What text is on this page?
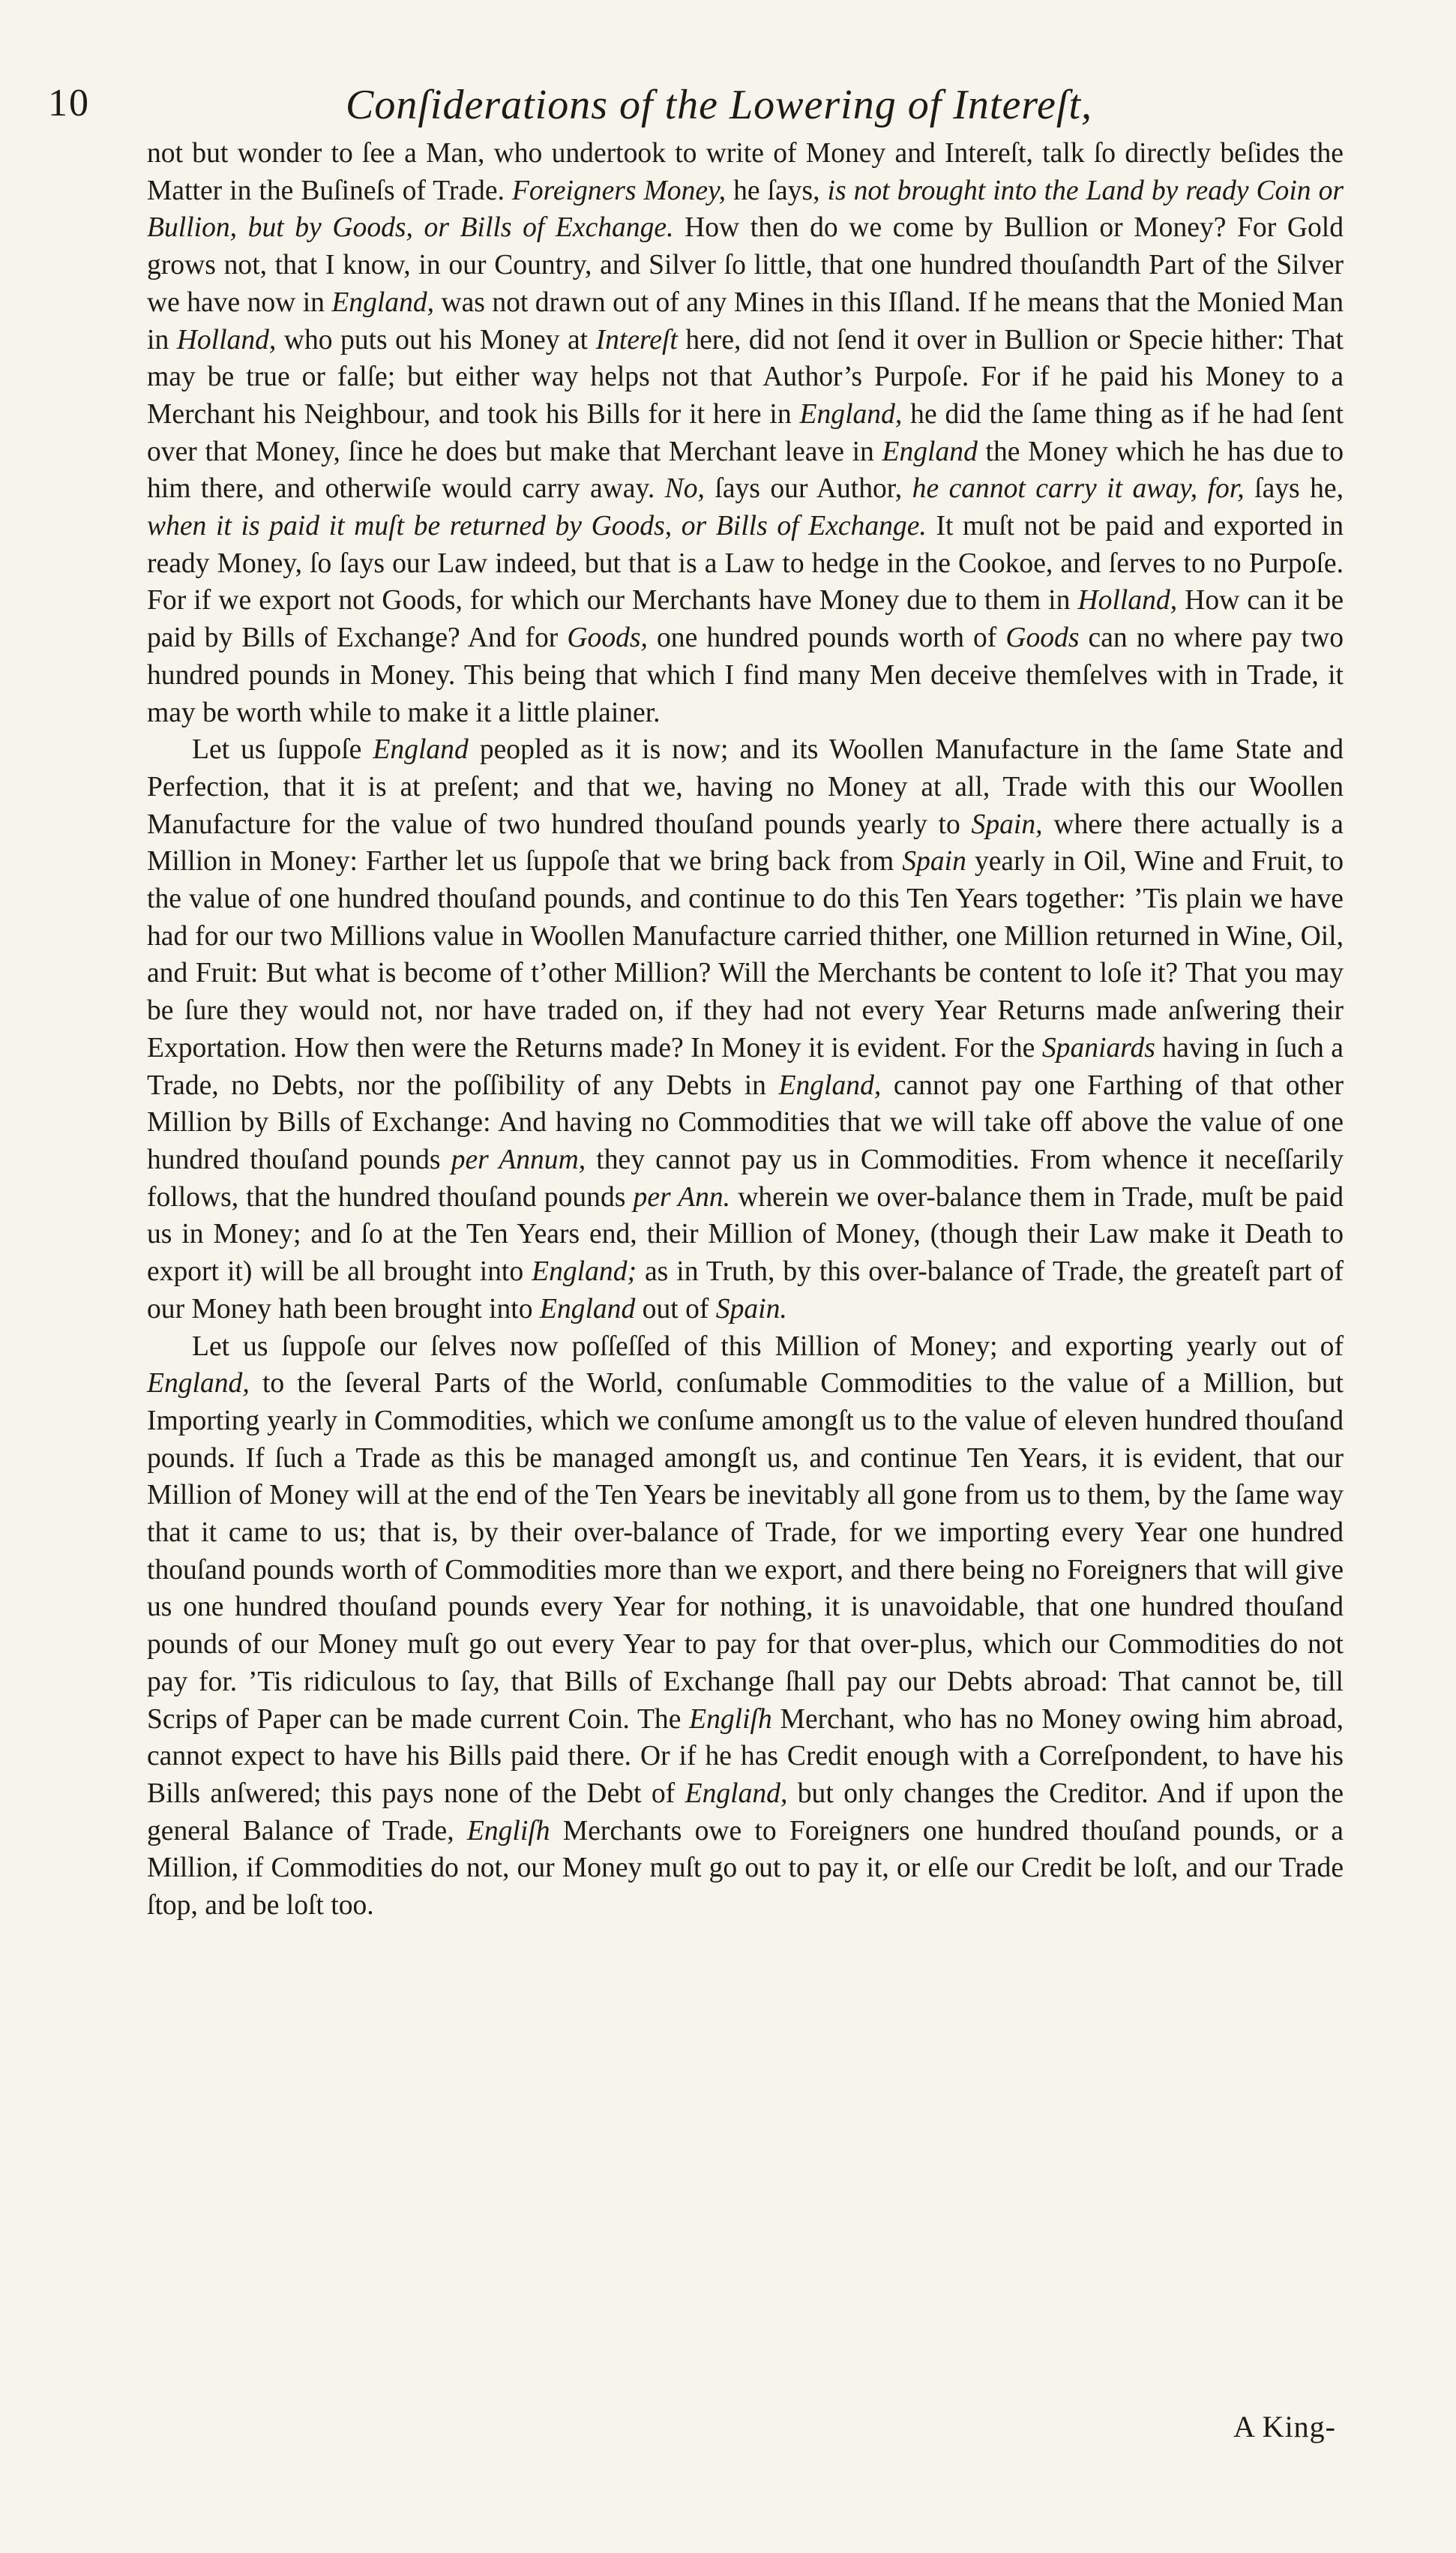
10	Conſiderations of the Lowering of Intereſt,

not but wonder to ſee a Man, who undertook to write of Money and Intereſt, talk ſo directly beſides the Matter in the Buſineſs of Trade. Foreigners Money, he ſays, is not brought into the Land by ready Coin or Bullion, but by Goods, or Bills of Exchange. How then do we come by Bullion or Money? For Gold grows not, that I know, in our Country, and Silver ſo little, that one hundred thouſandth Part of the Silver we have now in England, was not drawn out of any Mines in this Iſland. If he means that the Monied Man in Holland, who puts out his Money at Intereſt here, did not ſend it over in Bullion or Specie hither: That may be true or falſe; but either way helps not that Author’s Purpoſe. For if he paid his Money to a Merchant his Neighbour, and took his Bills for it here in England, he did the ſame thing as if he had ſent over that Money, ſince he does but make that Merchant leave in England the Money which he has due to him there, and otherwiſe would carry away. No, ſays our Author, he cannot carry it away, for, ſays he, when it is paid it muſt be returned by Goods, or Bills of Exchange. It muſt not be paid and exported in ready Money, ſo ſays our Law indeed, but that is a Law to hedge in the Cookoe, and ſerves to no Purpoſe. For if we export not Goods, for which our Merchants have Money due to them in Holland, How can it be paid by Bills of Exchange? And for Goods, one hundred pounds worth of Goods can no where pay two hundred pounds in Money. This being that which I find many Men deceive themſelves with in Trade, it may be worth while to make it a little plainer.

Let us ſuppoſe England peopled as it is now; and its Woollen Manufacture in the ſame State and Perfection, that it is at preſent; and that we, having no Money at all, Trade with this our Woollen Manufacture for the value of two hundred thouſand pounds yearly to Spain, where there actually is a Million in Money: Farther let us ſuppoſe that we bring back from Spain yearly in Oil, Wine and Fruit, to the value of one hundred thouſand pounds, and continue to do this Ten Years together: ’Tis plain we have had for our two Millions value in Woollen Manufacture carried thither, one Million returned in Wine, Oil, and Fruit: But what is become of t’other Million? Will the Merchants be content to loſe it? That you may be ſure they would not, nor have traded on, if they had not every Year Returns made anſwering their Exportation. How then were the Returns made? In Money it is evident. For the Spaniards having in ſuch a Trade, no Debts, nor the poſſibility of any Debts in England, cannot pay one Farthing of that other Million by Bills of Exchange: And having no Commodities that we will take off above the value of one hundred thouſand pounds per Annum, they cannot pay us in Commodities. From whence it neceſſarily follows, that the hundred thouſand pounds per Ann. wherein we over-balance them in Trade, muſt be paid us in Money; and ſo at the Ten Years end, their Million of Money, (though their Law make it Death to export it) will be all brought into England; as in Truth, by this over-balance of Trade, the greateſt part of our Money hath been brought into England out of Spain.

Let us ſuppoſe our ſelves now poſſeſſed of this Million of Money; and exporting yearly out of England, to the ſeveral Parts of the World, conſumable Commodities to the value of a Million, but Importing yearly in Commodities, which we conſume amongſt us to the value of eleven hundred thouſand pounds. If ſuch a Trade as this be managed amongſt us, and continue Ten Years, it is evident, that our Million of Money will at the end of the Ten Years be inevitably all gone from us to them, by the ſame way that it came to us; that is, by their over-balance of Trade, for we importing every Year one hundred thouſand pounds worth of Commodities more than we export, and there being no Foreigners that will give us one hundred thouſand pounds every Year for nothing, it is unavoidable, that one hundred thouſand pounds of our Money muſt go out every Year to pay for that over-plus, which our Commodities do not pay for. ’Tis ridiculous to ſay, that Bills of Exchange ſhall pay our Debts abroad: That cannot be, till Scrips of Paper can be made current Coin. The Engliſh Merchant, who has no Money owing him abroad, cannot expect to have his Bills paid there. Or if he has Credit enough with a Correſpondent, to have his Bills anſwered; this pays none of the Debt of England, but only changes the Creditor. And if upon the general Balance of Trade, Engliſh Merchants owe to Foreigners one hundred thouſand pounds, or a Million, if Commodities do not, our Money muſt go out to pay it, or elſe our Credit be loſt, and our Trade ſtop, and be loſt too.

A King-
